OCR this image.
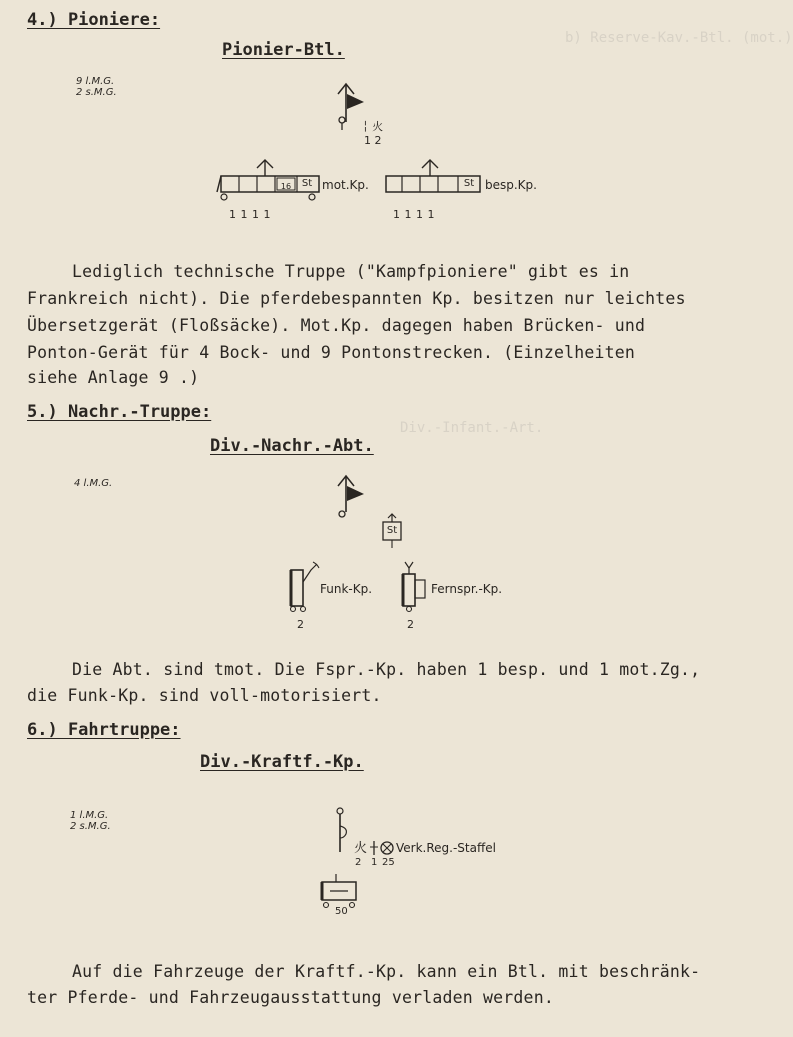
b) Reserve-Kav.-Btl. (mot.)
Div.-Infant.-Art.
4.) Pioniere:
Pionier-Btl.
9 l.M.G.
2 s.M.G.
╎ 火
1 2
St
16	mot.Kp.
1 1 1 1
St besp.Kp.
1 1 1 1
Lediglich technische Truppe ("Kampfpioniere" gibt es in
Frankreich nicht). Die pferdebespannten Kp. besitzen nur leichtes
Übersetzgerät (Floßsäcke). Mot.Kp. dagegen haben Brücken- und
Ponton-Gerät für 4 Bock- und 9 Pontonstrecken. (Einzelheiten
siehe Anlage 9 .)
5.) Nachr.-Truppe:
Div.-Nachr.-Abt.
4 l.M.G.
St
Funk-Kp.
2
Fernspr.-Kp.
2
Die Abt. sind tmot. Die Fspr.-Kp. haben 1 besp. und 1 mot.Zg.,
die Funk-Kp. sind voll-motorisiert.
6.) Fahrtruppe:
Div.-Kraftf.-Kp.
1 l.M.G.
2 s.M.G.
火 Verk.Reg.-Staffel
2 1 25
50
Auf die Fahrzeuge der Kraftf.-Kp. kann ein Btl. mit beschränk-
ter Pferde- und Fahrzeugausstattung verladen werden.
